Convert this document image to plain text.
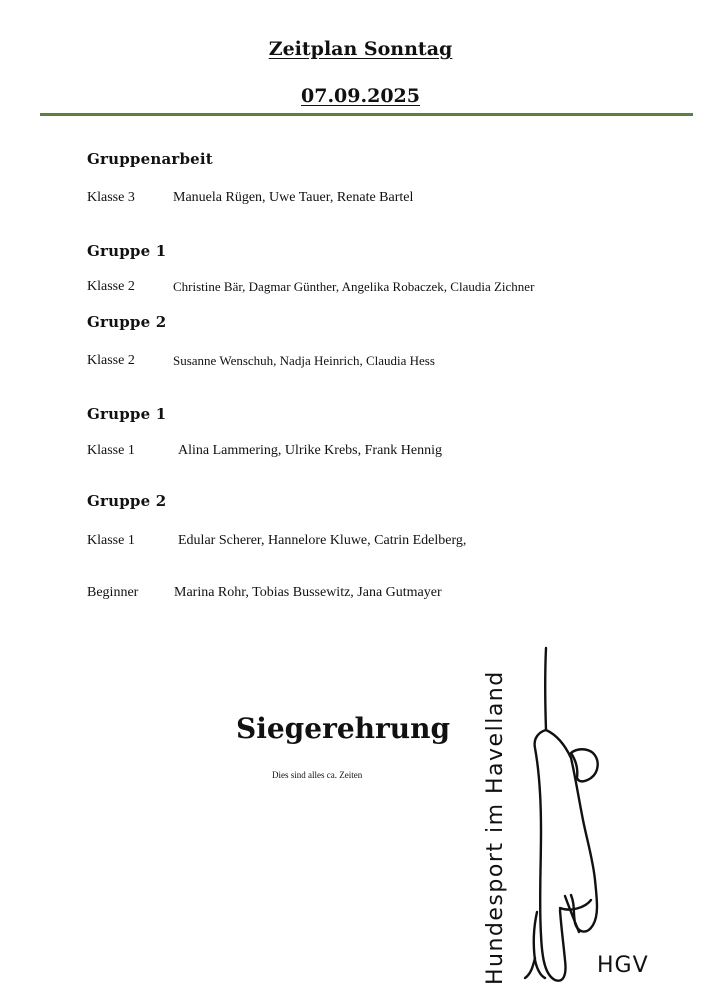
Zeitplan Sonntag
07.09.2025
Gruppenarbeit
Klasse 3	Manuela Rügen, Uwe Tauer, Renate Bartel
Gruppe 1
Klasse 2	Christine Bär, Dagmar Günther, Angelika Robaczek, Claudia Zichner
Gruppe 2
Klasse 2	Susanne Wenschuh, Nadja Heinrich, Claudia Hess
Gruppe 1
Klasse 1	Alina Lammering, Ulrike Krebs, Frank Hennig
Gruppe 2
Klasse 1	Edular Scherer, Hannelore Kluwe, Catrin Edelberg,
Beginner	Marina Rohr, Tobias Bussewitz, Jana Gutmayer
Siegerehrung
Dies sind alles ca. Zeiten	Hundesport im Havelland	HGV
